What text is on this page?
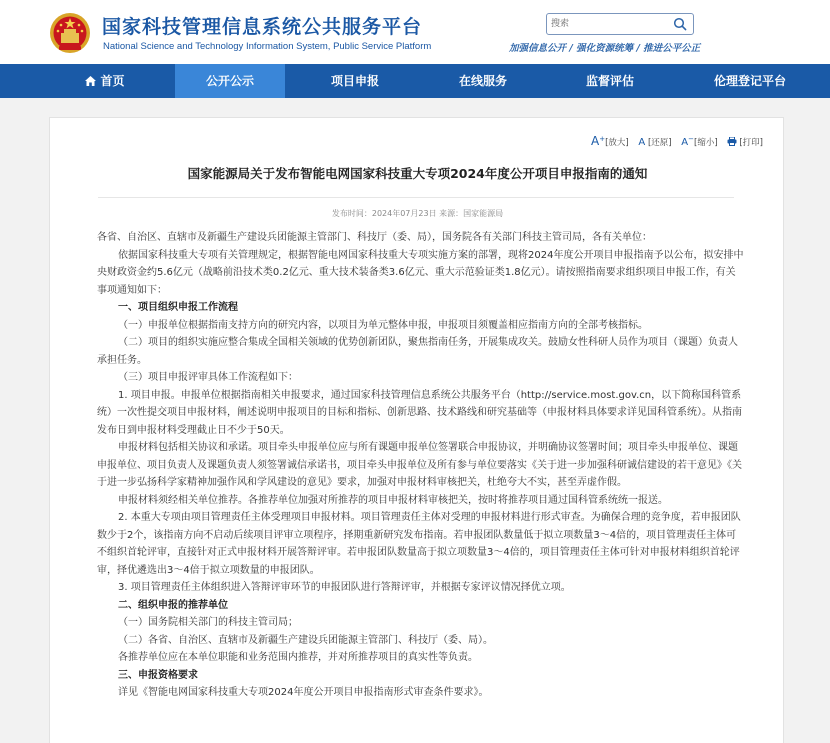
国家科技管理信息系统公共服务平台
National Science and Technology Information System, Public Service Platform
搜索	加强信息公开 / 强化资源统筹 / 推进公平公正
首页	公开公示	项目申报	在线服务	监督评估	伦理登记平台
A+[放大] A [还原] A−[缩小]	[打印]
国家能源局关于发布智能电网国家科技重大专项2024年度公开项目申报指南的通知
发布时间：2024年07月23日 来源：国家能源局

各省、自治区、直辖市及新疆生产建设兵团能源主管部门、科技厅（委、局），国务院各有关部门科技主管司局，各有关单位：

依据国家科技重大专项有关管理规定，根据智能电网国家科技重大专项实施方案的部署，现将2024年度公开项目申报指南予以公布，拟安排中央财政资金约5.6亿元（战略前沿技术类0.2亿元、重大技术装备类3.6亿元、重大示范验证类1.8亿元）。请按照指南要求组织项目申报工作，有关事项通知如下：

一、项目组织申报工作流程

（一）申报单位根据指南支持方向的研究内容，以项目为单元整体申报，申报项目须覆盖相应指南方向的全部考核指标。

（二）项目的组织实施应整合集成全国相关领域的优势创新团队，聚焦指南任务，开展集成攻关。鼓励女性科研人员作为项目（课题）负责人承担任务。

（三）项目申报评审具体工作流程如下：

1. 项目申报。申报单位根据指南相关申报要求，通过国家科技管理信息系统公共服务平台（http://service.most.gov.cn，以下简称国科管系统）一次性提交项目申报材料，阐述说明申报项目的目标和指标、创新思路、技术路线和研究基础等（申报材料具体要求详见国科管系统）。从指南发布日到申报材料受理截止日不少于50天。

申报材料包括相关协议和承诺。项目牵头申报单位应与所有课题申报单位签署联合申报协议，并明确协议签署时间；项目牵头申报单位、课题申报单位、项目负责人及课题负责人须签署诚信承诺书，项目牵头申报单位及所有参与单位要落实《关于进一步加强科研诚信建设的若干意见》《关于进一步弘扬科学家精神加强作风和学风建设的意见》要求，加强对申报材料审核把关，杜绝夸大不实，甚至弄虚作假。

申报材料须经相关单位推荐。各推荐单位加强对所推荐的项目申报材料审核把关，按时将推荐项目通过国科管系统统一报送。

2. 本重大专项由项目管理责任主体受理项目申报材料。项目管理责任主体对受理的申报材料进行形式审查。为确保合理的竞争度，若申报团队数少于2个，该指南方向不启动后续项目评审立项程序，择期重新研究发布指南。若申报团队数量低于拟立项数量3～4倍的，项目管理责任主体可不组织首轮评审，直接针对正式申报材料开展答辩评审。若申报团队数量高于拟立项数量3～4倍的，项目管理责任主体可针对申报材料组织首轮评审，择优遴选出3～4倍于拟立项数量的申报团队。

3. 项目管理责任主体组织进入答辩评审环节的申报团队进行答辩评审，并根据专家评议情况择优立项。

二、组织申报的推荐单位

（一）国务院相关部门的科技主管司局；

（二）各省、自治区、直辖市及新疆生产建设兵团能源主管部门、科技厅（委、局）。

各推荐单位应在本单位职能和业务范围内推荐，并对所推荐项目的真实性等负责。

三、申报资格要求

详见《智能电网国家科技重大专项2024年度公开项目申报指南形式审查条件要求》。
